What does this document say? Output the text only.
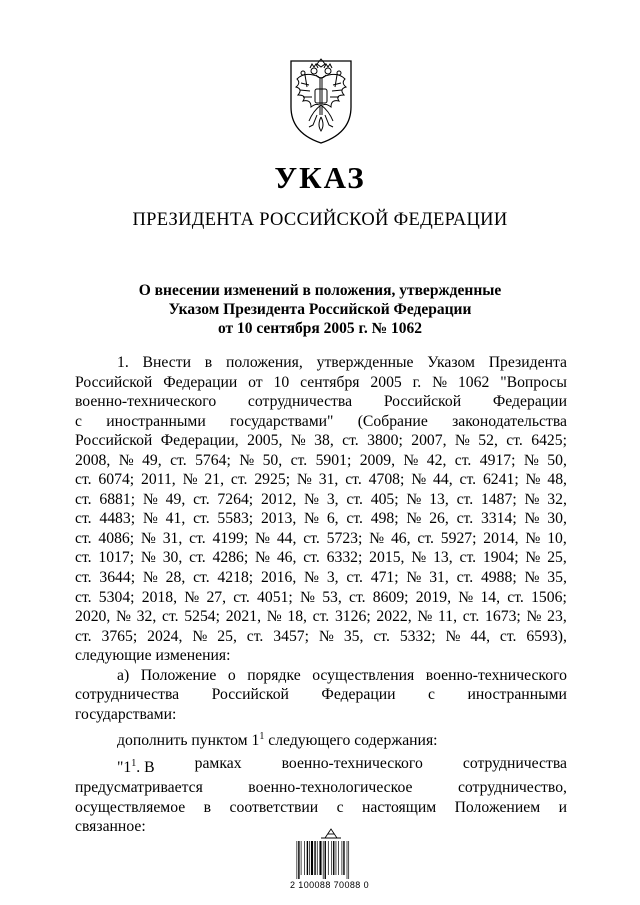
УКАЗ
ПРЕЗИДЕНТА РОССИЙСКОЙ ФЕДЕРАЦИИ
О внесении изменений в положения, утвержденные
Указом Президента Российской Федерации
от 10 сентября 2005 г. № 1062
1. Внести в положения, утвержденные Указом Президента
Российской Федерации от 10 сентября 2005 г. № 1062 "Вопросы
военно-технического сотрудничества Российской Федерации
с иностранными государствами" (Собрание законодательства
Российской Федерации, 2005, № 38, ст. 3800; 2007, № 52, ст. 6425;
2008, № 49, ст. 5764; № 50, ст. 5901; 2009, № 42, ст. 4917; № 50,
ст. 6074; 2011, № 21, ст. 2925; № 31, ст. 4708; № 44, ст. 6241; № 48,
ст. 6881; № 49, ст. 7264; 2012, № 3, ст. 405; № 13, ст. 1487; № 32,
ст. 4483; № 41, ст. 5583; 2013, № 6, ст. 498; № 26, ст. 3314; № 30,
ст. 4086; № 31, ст. 4199; № 44, ст. 5723; № 46, ст. 5927; 2014, № 10,
ст. 1017; № 30, ст. 4286; № 46, ст. 6332; 2015, № 13, ст. 1904; № 25,
ст. 3644; № 28, ст. 4218; 2016, № 3, ст. 471; № 31, ст. 4988; № 35,
ст. 5304; 2018, № 27, ст. 4051; № 53, ст. 8609; 2019, № 14, ст. 1506;
2020, № 32, ст. 5254; 2021, № 18, ст. 3126; 2022, № 11, ст. 1673; № 23,
ст. 3765; 2024, № 25, ст. 3457; № 35, ст. 5332; № 44, ст. 6593),
следующие изменения:
а) Положение о порядке осуществления военно-технического
сотрудничества Российской Федерации с иностранными
государствами:
дополнить пунктом $1^1$ следующего содержания:
"$1^1$. В	рамках	военно-технического	сотрудничества
предусматривается	военно-технологическое	сотрудничество,
осуществляемое в соответствии с настоящим Положением и
связанное:
2 100088 70088 0
